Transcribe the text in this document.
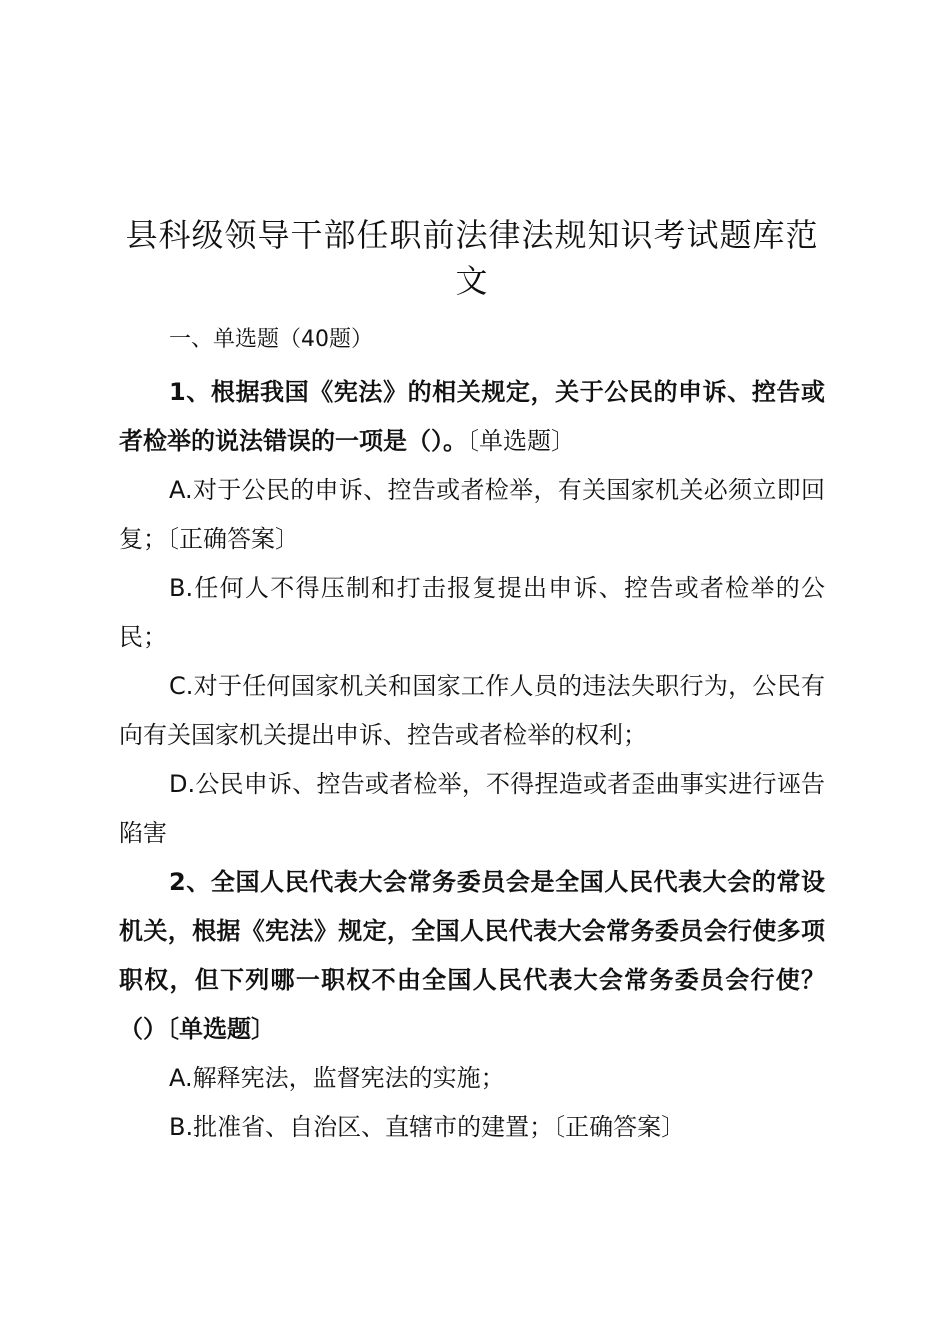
县科级领导干部任职前法律法规知识考试题库范文

一、单选题（40题）

1、根据我国《宪法》的相关规定，关于公民的申诉、控告或者检举的说法错误的一项是（）。〔单选题〕

A.对于公民的申诉、控告或者检举，有关国家机关必须立即回复；〔正确答案〕

B.任何人不得压制和打击报复提出申诉、控告或者检举的公民；

C.对于任何国家机关和国家工作人员的违法失职行为，公民有向有关国家机关提出申诉、控告或者检举的权利；

D.公民申诉、控告或者检举，不得捏造或者歪曲事实进行诬告陷害

2、全国人民代表大会常务委员会是全国人民代表大会的常设机关，根据《宪法》规定，全国人民代表大会常务委员会行使多项职权，但下列哪一职权不由全国人民代表大会常务委员会行使？（）〔单选题〕

A.解释宪法，监督宪法的实施；

B.批准省、自治区、直辖市的建置；〔正确答案〕
